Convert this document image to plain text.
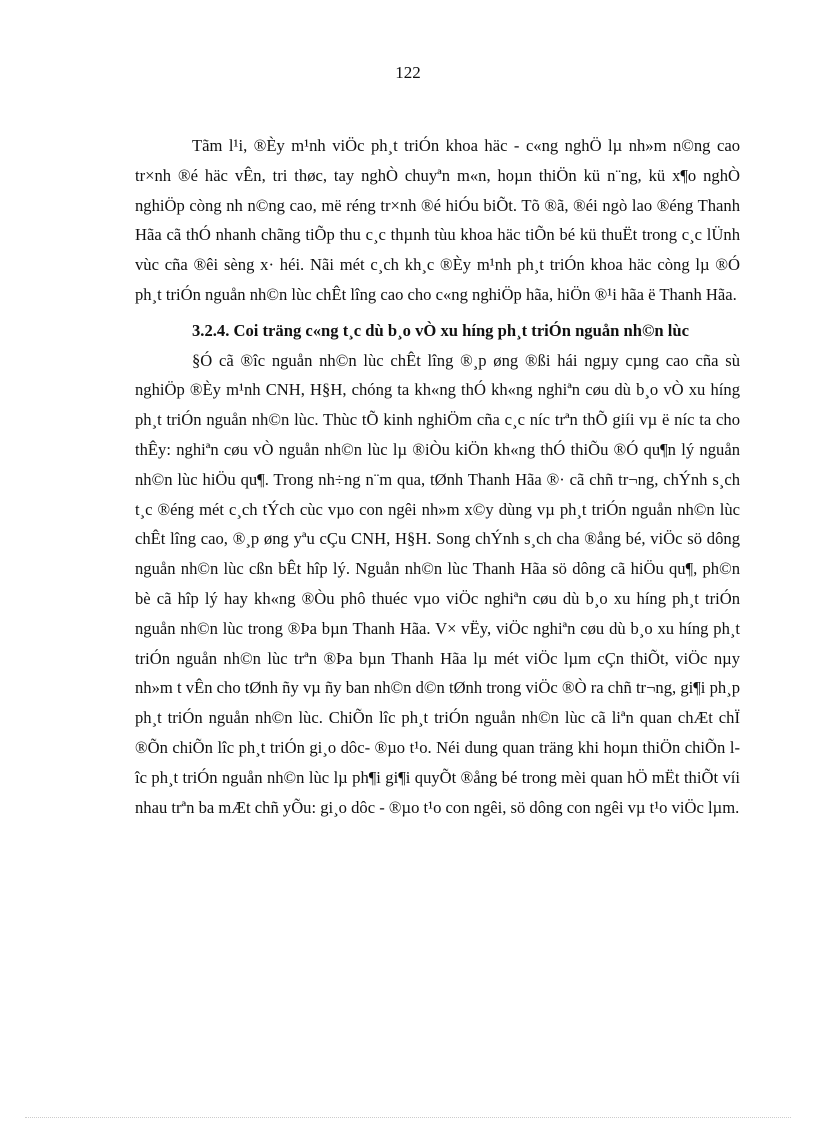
122

Tãm l¹i, ®Èy m¹nh viÖc ph¸t triÓn khoa häc - c«ng nghÖ lµ nh»m n©ng cao tr×nh ®é häc vÊn, tri thøc, tay nghÒ chuyªn m«n, hoµn thiÖn kü n¨ng, kü x¶o nghÒ nghiÖp còng nh n©ng cao, më réng tr×nh ®é hiÓu biÕt. Tõ ®ã, ®éi ngò lao ®éng Thanh Hãa cã thÓ nhanh chãng tiÕp thu c¸c thµnh tùu khoa häc tiÕn bé kü thuËt trong c¸c lÜnh vùc cña ®êi sèng x· héi. Nãi mét c¸ch kh¸c ®Èy m¹nh ph¸t triÓn khoa häc còng lµ ®Ó ph¸t triÓn nguån nh©n lùc chÊt lîng cao cho c«ng nghiÖp hãa, hiÖn ®¹i hãa ë Thanh Hãa.

3.2.4. Coi träng c«ng t¸c dù b¸o vÒ xu híng ph¸t triÓn nguån nh©n lùc

§Ó cã ®îc nguån nh©n lùc chÊt lîng ®¸p øng ®ßi hái ngµy cµng cao cña sù nghiÖp ®Èy m¹nh CNH, H§H, chóng ta kh«ng thÓ kh«ng nghiªn cøu dù b¸o vÒ xu híng ph¸t triÓn nguån nh©n lùc. Thùc tÕ kinh nghiÖm cña c¸c níc trªn thÕ giíi vµ ë níc ta cho thÊy: nghiªn cøu vÒ nguån nh©n lùc lµ ®iÒu kiÖn kh«ng thÓ thiÕu ®Ó qu¶n lý nguån nh©n lùc hiÖu qu¶. Trong nh÷ng n¨m qua, tØnh Thanh Hãa ®· cã chñ tr¬ng, chÝnh s¸ch t¸c ®éng mét c¸ch tÝch cùc vµo con ngêi nh»m x©y dùng vµ ph¸t triÓn nguån nh©n lùc chÊt lîng cao, ®¸p øng yªu cÇu CNH, H§H. Song chÝnh s¸ch cha ®ång bé, viÖc sö dông nguån nh©n lùc cßn bÊt hîp lý. Nguån nh©n lùc Thanh Hãa sö dông cã hiÖu qu¶, ph©n bè cã hîp lý hay kh«ng ®Òu phô thuéc vµo viÖc nghiªn cøu dù b¸o xu híng ph¸t triÓn nguån nh©n lùc trong ®Þa bµn Thanh Hãa. V× vËy, viÖc nghiªn cøu dù b¸o xu híng ph¸t triÓn nguån nh©n lùc trªn ®Þa bµn Thanh Hãa lµ mét viÖc lµm cÇn thiÕt, viÖc nµy nh»m t vÊn cho tØnh ñy vµ ñy ban nh©n d©n tØnh trong viÖc ®Ò ra chñ tr¬ng, gi¶i ph¸p ph¸t triÓn nguån nh©n lùc. ChiÕn lîc ph¸t triÓn nguån nh©n lùc cã liªn quan chÆt chÏ ®Õn chiÕn lîc ph¸t triÓn gi¸o dôc- ®µo t¹o. Néi dung quan träng khi hoµn thiÖn chiÕn lîc ph¸t triÓn nguån nh©n lùc lµ ph¶i gi¶i quyÕt ®ång bé trong mèi quan hÖ mËt thiÕt víi nhau trªn ba mÆt chñ yÕu: gi¸o dôc - ®µo t¹o con ngêi, sö dông con ngêi vµ t¹o viÖc lµm.
